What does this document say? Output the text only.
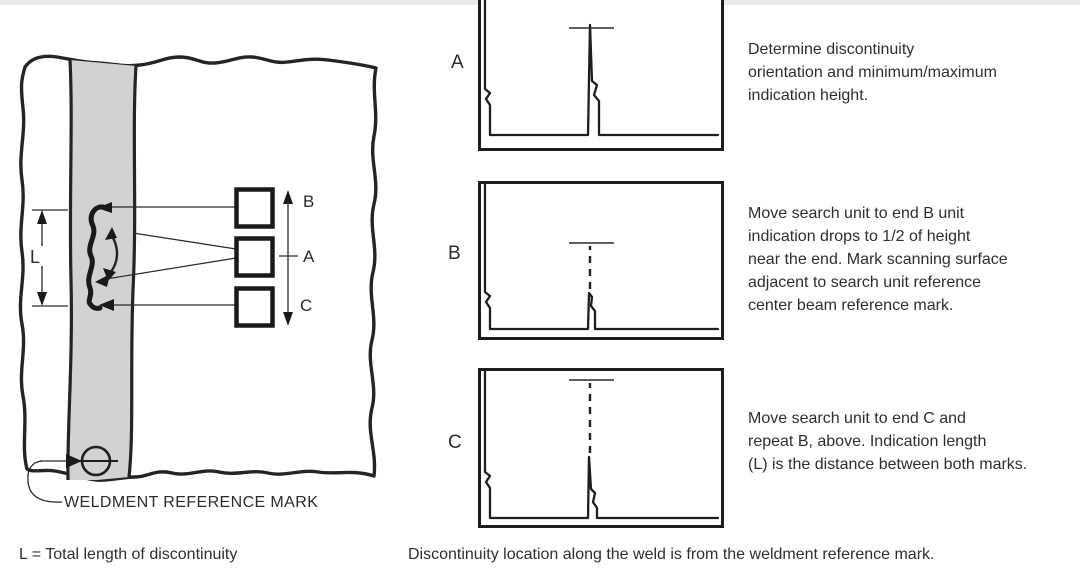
L
B
A
C
WELDMENT REFERENCE MARK
A
Determine discontinuity
orientation and minimum/maximum
indication height.
B
Move search unit to end B unit
indication drops to 1/2 of height
near the end. Mark scanning surface
adjacent to search unit reference
center beam reference mark.
C
Move search unit to end C and
repeat B, above. Indication length
(L) is the distance between both marks.
L = Total length of discontinuity	Discontinuity location along the weld is from the weldment reference mark.
